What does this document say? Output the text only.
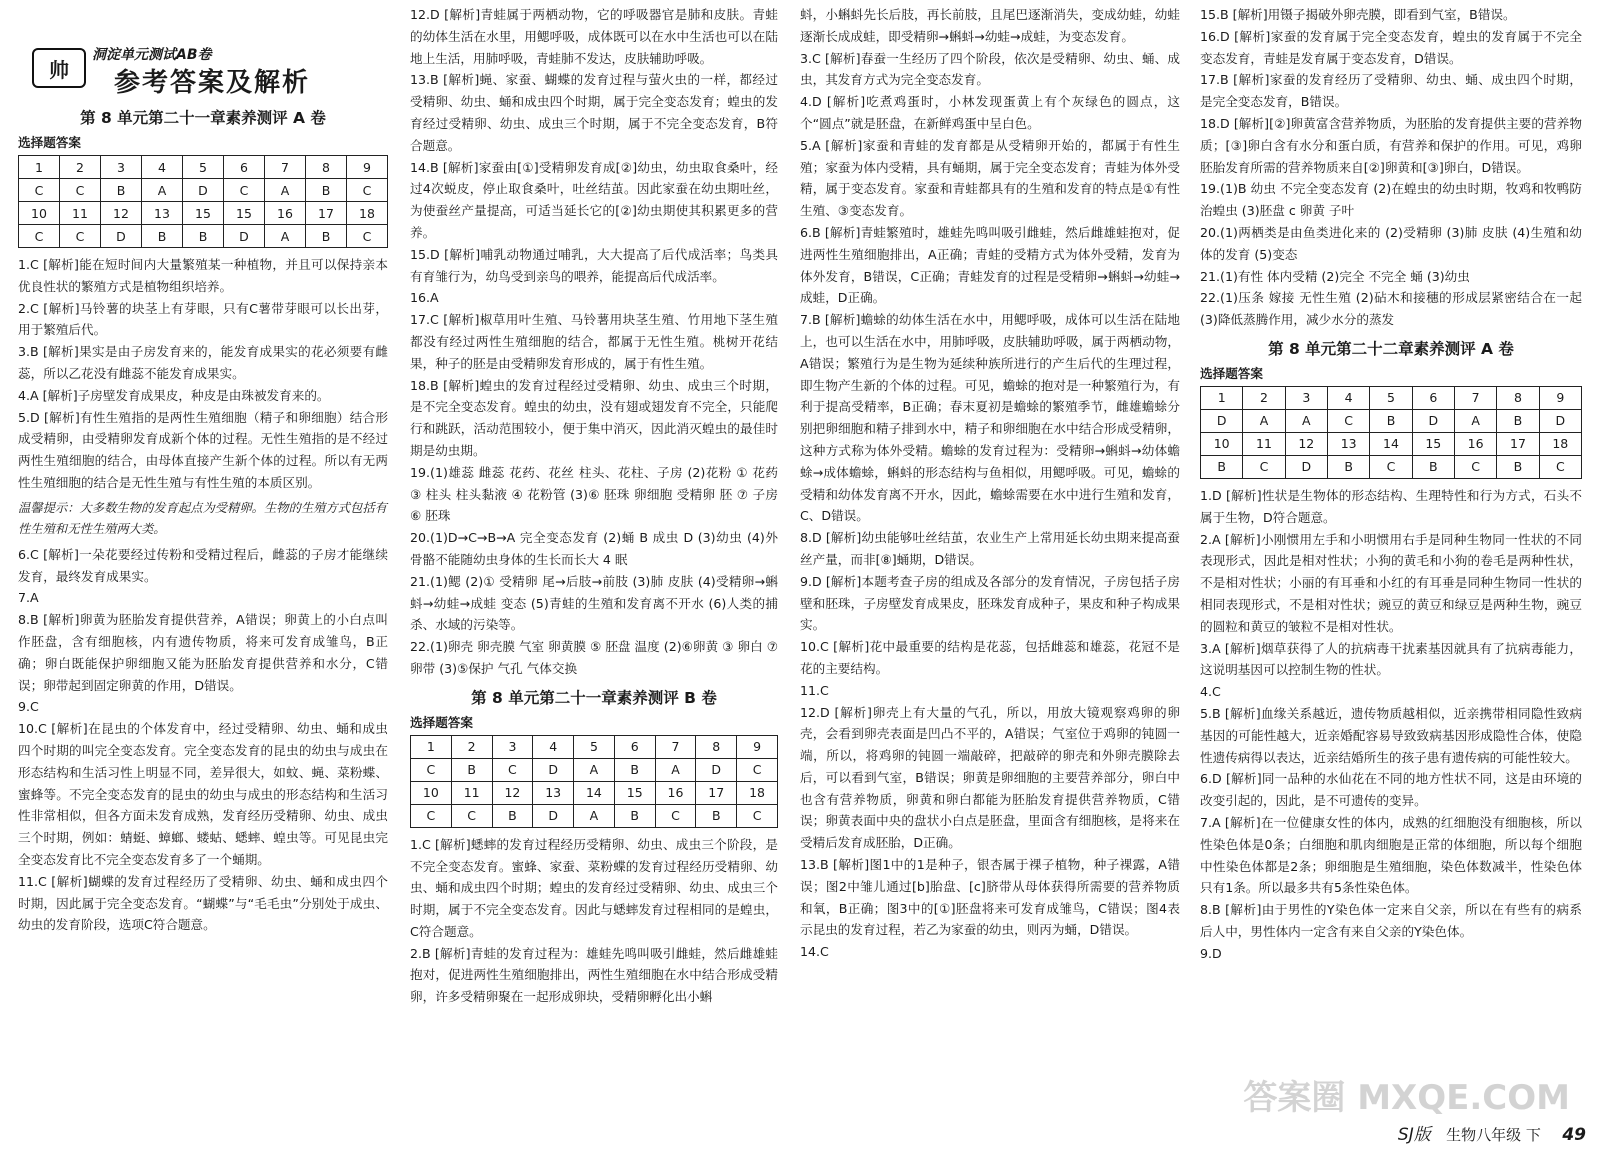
帅
洞淀单元测试AB卷
参考答案及解析
第 8 单元第二十一章素养测评 A 卷
选择题答案
1	2	3	4	5	6	7	8	9
C	C	B	A	D	C	A	B	C
10	11	12	13	15	15	16	17	18
C	C	D	B	B	D	A	B	C

1.C [解析]能在短时间内大量繁殖某一种植物，并且可以保持亲本优良性状的繁殖方式是植物组织培养。

2.C [解析]马铃薯的块茎上有芽眼，只有C薯带芽眼可以长出芽，用于繁殖后代。

3.B [解析]果实是由子房发育来的，能发育成果实的花必须要有雌蕊，所以乙花没有雌蕊不能发育成果实。

4.A [解析]子房壁发育成果皮，种皮是由珠被发育来的。

5.D [解析]有性生殖指的是两性生殖细胞（精子和卵细胞）结合形成受精卵，由受精卵发育成新个体的过程。无性生殖指的是不经过两性生殖细胞的结合，由母体直接产生新个体的过程。所以有无两性生殖细胞的结合是无性生殖与有性生殖的本质区别。

温馨提示：大多数生物的发育起点为受精卵。生物的生殖方式包括有性生殖和无性生殖两大类。

6.C [解析]一朵花要经过传粉和受精过程后，雌蕊的子房才能继续发育，最终发育成果实。

7.A

8.B [解析]卵黄为胚胎发育提供营养，A错误；卵黄上的小白点叫作胚盘，含有细胞核，内有遗传物质，将来可发育成雏鸟，B正确；卵白既能保护卵细胞又能为胚胎发育提供营养和水分，C错误；卵带起到固定卵黄的作用，D错误。

9.C

10.C [解析]在昆虫的个体发育中，经过受精卵、幼虫、蛹和成虫四个时期的叫完全变态发育。完全变态发育的昆虫的幼虫与成虫在形态结构和生活习性上明显不同，差异很大，如蚊、蝇、菜粉蝶、蜜蜂等。不完全变态发育的昆虫的幼虫与成虫的形态结构和生活习性非常相似，但各方面未发育成熟，发育经历受精卵、幼虫、成虫三个时期，例如：蜻蜓、蟑螂、蝼蛄、蟋蟀、蝗虫等。可见昆虫完全变态发育比不完全变态发育多了一个蛹期。

11.C [解析]蝴蝶的发育过程经历了受精卵、幼虫、蛹和成虫四个时期，因此属于完全变态发育。“蝴蝶”与“毛毛虫”分别处于成虫、幼虫的发育阶段，选项C符合题意。

12.D [解析]青蛙属于两栖动物，它的呼吸器官是肺和皮肤。青蛙的幼体生活在水里，用鳃呼吸，成体既可以在水中生活也可以在陆地上生活，用肺呼吸，青蛙肺不发达，皮肤辅助呼吸。

13.B [解析]蝇、家蚕、蝴蝶的发育过程与萤火虫的一样，都经过受精卵、幼虫、蛹和成虫四个时期，属于完全变态发育；蝗虫的发育经过受精卵、幼虫、成虫三个时期，属于不完全变态发育，B符合题意。

14.B [解析]家蚕由[①]受精卵发育成[②]幼虫，幼虫取食桑叶，经过4次蜕皮，停止取食桑叶，吐丝结茧。因此家蚕在幼虫期吐丝，为使蚕丝产量提高，可适当延长它的[②]幼虫期使其积累更多的营养。

15.D [解析]哺乳动物通过哺乳，大大提高了后代成活率；鸟类具有育雏行为，幼鸟受到亲鸟的喂养，能提高后代成活率。

16.A

17.C [解析]椒草用叶生殖、马铃薯用块茎生殖、竹用地下茎生殖都没有经过两性生殖细胞的结合，都属于无性生殖。桃树开花结果，种子的胚是由受精卵发育形成的，属于有性生殖。

18.B [解析]蝗虫的发育过程经过受精卵、幼虫、成虫三个时期，是不完全变态发育。蝗虫的幼虫，没有翅或翅发育不完全，只能爬行和跳跃，活动范围较小，便于集中消灭，因此消灭蝗虫的最佳时期是幼虫期。

19.(1)雄蕊 雌蕊 花药、花丝 柱头、花柱、子房 (2)花粉 ① 花药 ③ 柱头 柱头黏液 ④ 花粉管 (3)⑥ 胚珠 卵细胞 受精卵 胚 ⑦ 子房 ⑥ 胚珠

20.(1)D→C→B→A 完全变态发育 (2)蛹 B 成虫 D (3)幼虫 (4)外骨骼不能随幼虫身体的生长而长大 4 眠

21.(1)鳃 (2)① 受精卵 尾→后肢→前肢 (3)肺 皮肤 (4)受精卵→蝌蚪→幼蛙→成蛙 变态 (5)青蛙的生殖和发育离不开水 (6)人类的捕杀、水域的污染等。

22.(1)卵壳 卵壳膜 气室 卵黄膜 ⑤ 胚盘 温度 (2)⑥卵黄 ③ 卵白 ⑦ 卵带 (3)⑤保护 气孔 气体交换

第 8 单元第二十一章素养测评 B 卷
选择题答案
1	2	3	4	5	6	7	8	9
C	B	C	D	A	B	A	D	C
10	11	12	13	14	15	16	17	18
C	C	B	D	A	B	C	B	C

1.C [解析]蟋蟀的发育过程经历受精卵、幼虫、成虫三个阶段，是不完全变态发育。蜜蜂、家蚕、菜粉蝶的发育过程经历受精卵、幼虫、蛹和成虫四个时期；蝗虫的发育经过受精卵、幼虫、成虫三个时期，属于不完全变态发育。因此与蟋蟀发育过程相同的是蝗虫，C符合题意。

2.B [解析]青蛙的发育过程为：雄蛙先鸣叫吸引雌蛙，然后雌雄蛙抱对，促进两性生殖细胞排出，两性生殖细胞在水中结合形成受精卵，许多受精卵聚在一起形成卵块，受精卵孵化出小蝌

蚪，小蝌蚪先长后肢，再长前肢，且尾巴逐渐消失，变成幼蛙，幼蛙逐渐长成成蛙，即受精卵→蝌蚪→幼蛙→成蛙，为变态发育。

3.C [解析]春蚕一生经历了四个阶段，依次是受精卵、幼虫、蛹、成虫，其发育方式为完全变态发育。

4.D [解析]吃煮鸡蛋时，小林发现蛋黄上有个灰绿色的圆点，这个“圆点”就是胚盘，在新鲜鸡蛋中呈白色。

5.A [解析]家蚕和青蛙的发育都是从受精卵开始的，都属于有性生殖；家蚕为体内受精，具有蛹期，属于完全变态发育；青蛙为体外受精，属于变态发育。家蚕和青蛙都具有的生殖和发育的特点是①有性生殖、③变态发育。

6.B [解析]青蛙繁殖时，雄蛙先鸣叫吸引雌蛙，然后雌雄蛙抱对，促进两性生殖细胞排出，A正确；青蛙的受精方式为体外受精，发育为体外发育，B错误，C正确；青蛙发育的过程是受精卵→蝌蚪→幼蛙→成蛙，D正确。

7.B [解析]蟾蜍的幼体生活在水中，用鳃呼吸，成体可以生活在陆地上，也可以生活在水中，用肺呼吸，皮肤辅助呼吸，属于两栖动物，A错误；繁殖行为是生物为延续种族所进行的产生后代的生理过程，即生物产生新的个体的过程。可见，蟾蜍的抱对是一种繁殖行为，有利于提高受精率，B正确；春末夏初是蟾蜍的繁殖季节，雌雄蟾蜍分别把卵细胞和精子排到水中，精子和卵细胞在水中结合形成受精卵，这种方式称为体外受精。蟾蜍的发育过程为：受精卵→蝌蚪→幼体蟾蜍→成体蟾蜍，蝌蚪的形态结构与鱼相似，用鳃呼吸。可见，蟾蜍的受精和幼体发育离不开水，因此，蟾蜍需要在水中进行生殖和发育，C、D错误。

8.D [解析]幼虫能够吐丝结茧，农业生产上常用延长幼虫期来提高蚕丝产量，而非[⑧]蛹期，D错误。

9.D [解析]本题考查子房的组成及各部分的发育情况，子房包括子房壁和胚珠，子房壁发育成果皮，胚珠发育成种子，果皮和种子构成果实。

10.C [解析]花中最重要的结构是花蕊，包括雌蕊和雄蕊，花冠不是花的主要结构。

11.C

12.D [解析]卵壳上有大量的气孔，所以，用放大镜观察鸡卵的卵壳，会看到卵壳表面是凹凸不平的，A错误；气室位于鸡卵的钝圆一端，所以，将鸡卵的钝圆一端敲碎，把敲碎的卵壳和外卵壳膜除去后，可以看到气室，B错误；卵黄是卵细胞的主要营养部分，卵白中也含有营养物质，卵黄和卵白都能为胚胎发育提供营养物质，C错误；卵黄表面中央的盘状小白点是胚盘，里面含有细胞核，是将来在受精后发育成胚胎，D正确。

13.B [解析]图1中的1是种子，银杏属于裸子植物，种子裸露，A错误；图2中雏儿通过[b]胎盘、[c]脐带从母体获得所需要的营养物质和氧，B正确；图3中的[①]胚盘将来可发育成雏鸟，C错误；图4表示昆虫的发育过程，若乙为家蚕的幼虫，则丙为蛹，D错误。

14.C

15.B [解析]用镊子揭破外卵壳膜，即看到气室，B错误。

16.D [解析]家蚕的发育属于完全变态发育，蝗虫的发育属于不完全变态发育，青蛙是发育属于变态发育，D错误。

17.B [解析]家蚕的发育经历了受精卵、幼虫、蛹、成虫四个时期，是完全变态发育，B错误。

18.D [解析][②]卵黄富含营养物质，为胚胎的发育提供主要的营养物质；[③]卵白含有水分和蛋白质，有营养和保护的作用。可见，鸡卵胚胎发育所需的营养物质来自[②]卵黄和[③]卵白，D错误。

19.(1)B 幼虫 不完全变态发育 (2)在蝗虫的幼虫时期，牧鸡和牧鸭防治蝗虫 (3)胚盘 c 卵黄 子叶

20.(1)两栖类是由鱼类进化来的 (2)受精卵 (3)肺 皮肤 (4)生殖和幼体的发育 (5)变态

21.(1)有性 体内受精 (2)完全 不完全 蛹 (3)幼虫

22.(1)压条 嫁接 无性生殖 (2)砧木和接穗的形成层紧密结合在一起 (3)降低蒸腾作用，减少水分的蒸发

第 8 单元第二十二章素养测评 A 卷
选择题答案
1	2	3	4	5	6	7	8	9
D	A	A	C	B	D	A	B	D
10	11	12	13	14	15	16	17	18
B	C	D	B	C	B	C	B	C

1.D [解析]性状是生物体的形态结构、生理特性和行为方式，石头不属于生物，D符合题意。

2.A [解析]小刚惯用左手和小明惯用右手是同种生物同一性状的不同表现形式，因此是相对性状；小狗的黄毛和小狗的卷毛是两种性状，不是相对性状；小丽的有耳垂和小红的有耳垂是同种生物同一性状的相同表现形式，不是相对性状；豌豆的黄豆和绿豆是两种生物，豌豆的圆粒和黄豆的皱粒不是相对性状。

3.A [解析]烟草获得了人的抗病毒干扰素基因就具有了抗病毒能力，这说明基因可以控制生物的性状。

4.C

5.B [解析]血缘关系越近，遗传物质越相似，近亲携带相同隐性致病基因的可能性越大，近亲婚配容易导致致病基因形成隐性合体，使隐性遗传病得以表达，近亲结婚所生的孩子患有遗传病的可能性较大。

6.D [解析]同一品种的水仙花在不同的地方性状不同，这是由环境的改变引起的，因此，是不可遗传的变异。

7.A [解析]在一位健康女性的体内，成熟的红细胞没有细胞核，所以性染色体是0条；白细胞和肌肉细胞是正常的体细胞，所以每个细胞中性染色体都是2条；卵细胞是生殖细胞，染色体数减半，性染色体只有1条。所以最多共有5条性染色体。

8.B [解析]由于男性的Y染色体一定来自父亲，所以在有些有的病系后人中，男性体内一定含有来自父亲的Y染色体。

9.D

答案圈 MXQE.COM
SJ版 生物八年级 下 49
